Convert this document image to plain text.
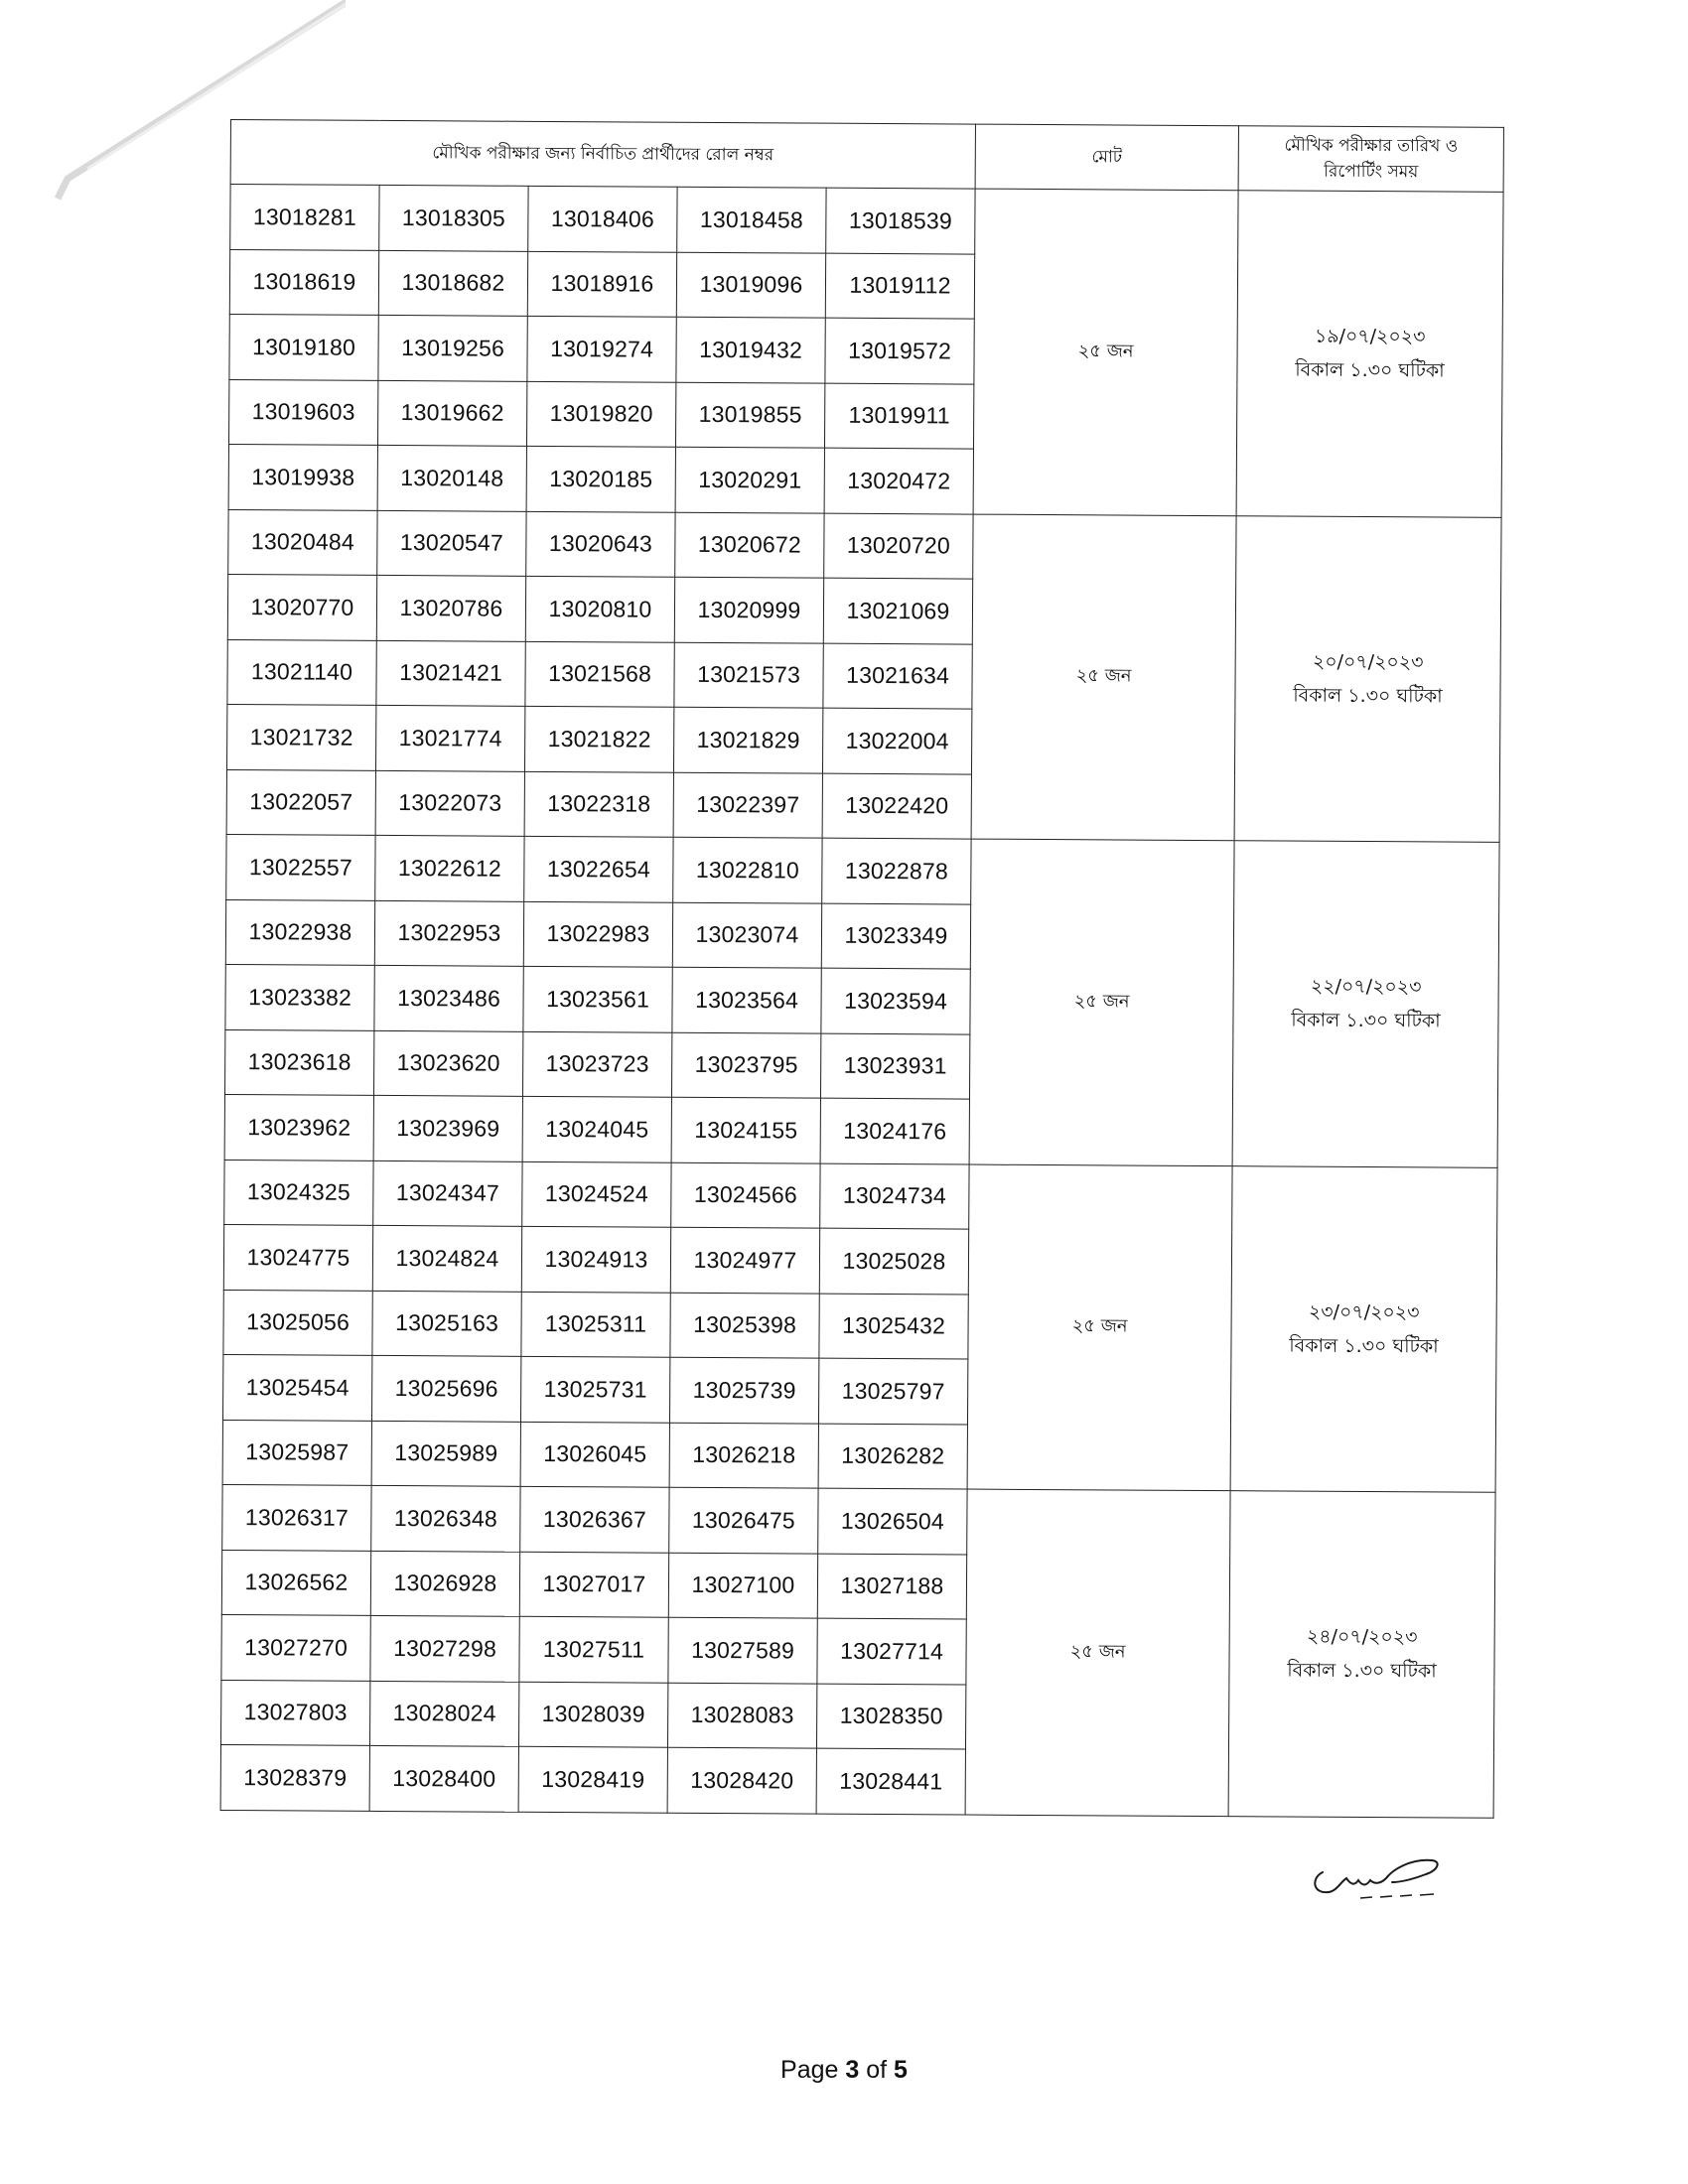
মৌখিক পরীক্ষার জন্য নির্বাচিত প্রার্থীদের রোল নম্বর					মোট	মৌখিক পরীক্ষার তারিখ ও রিপোর্টিং সময়
13018281	13018305	13018406	13018458	13018539	২৫ জন	১৯/০৭/২০২৩
বিকাল ১.৩০ ঘটিকা

13018619	13018682	13018916	13019096	13019112		
13019180	13019256	13019274	13019432	13019572		
13019603	13019662	13019820	13019855	13019911		
13019938	13020148	13020185	13020291	13020472		
13020484	13020547	13020643	13020672	13020720	২৫ জন	২০/০৭/২০২৩
বিকাল ১.৩০ ঘটিকা

13020770	13020786	13020810	13020999	13021069		
13021140	13021421	13021568	13021573	13021634		
13021732	13021774	13021822	13021829	13022004		
13022057	13022073	13022318	13022397	13022420		
13022557	13022612	13022654	13022810	13022878	২৫ জন	২২/০৭/২০২৩
বিকাল ১.৩০ ঘটিকা

13022938	13022953	13022983	13023074	13023349		
13023382	13023486	13023561	13023564	13023594		
13023618	13023620	13023723	13023795	13023931		
13023962	13023969	13024045	13024155	13024176		
13024325	13024347	13024524	13024566	13024734	২৫ জন	২৩/০৭/২০২৩
বিকাল ১.৩০ ঘটিকা

13024775	13024824	13024913	13024977	13025028		
13025056	13025163	13025311	13025398	13025432		
13025454	13025696	13025731	13025739	13025797		
13025987	13025989	13026045	13026218	13026282		
13026317	13026348	13026367	13026475	13026504	২৫ জন	২৪/০৭/২০২৩
বিকাল ১.৩০ ঘটিকা

13026562	13026928	13027017	13027100	13027188		
13027270	13027298	13027511	13027589	13027714		
13027803	13028024	13028039	13028083	13028350		
13028379	13028400	13028419	13028420	13028441		
Page 3 of 5
